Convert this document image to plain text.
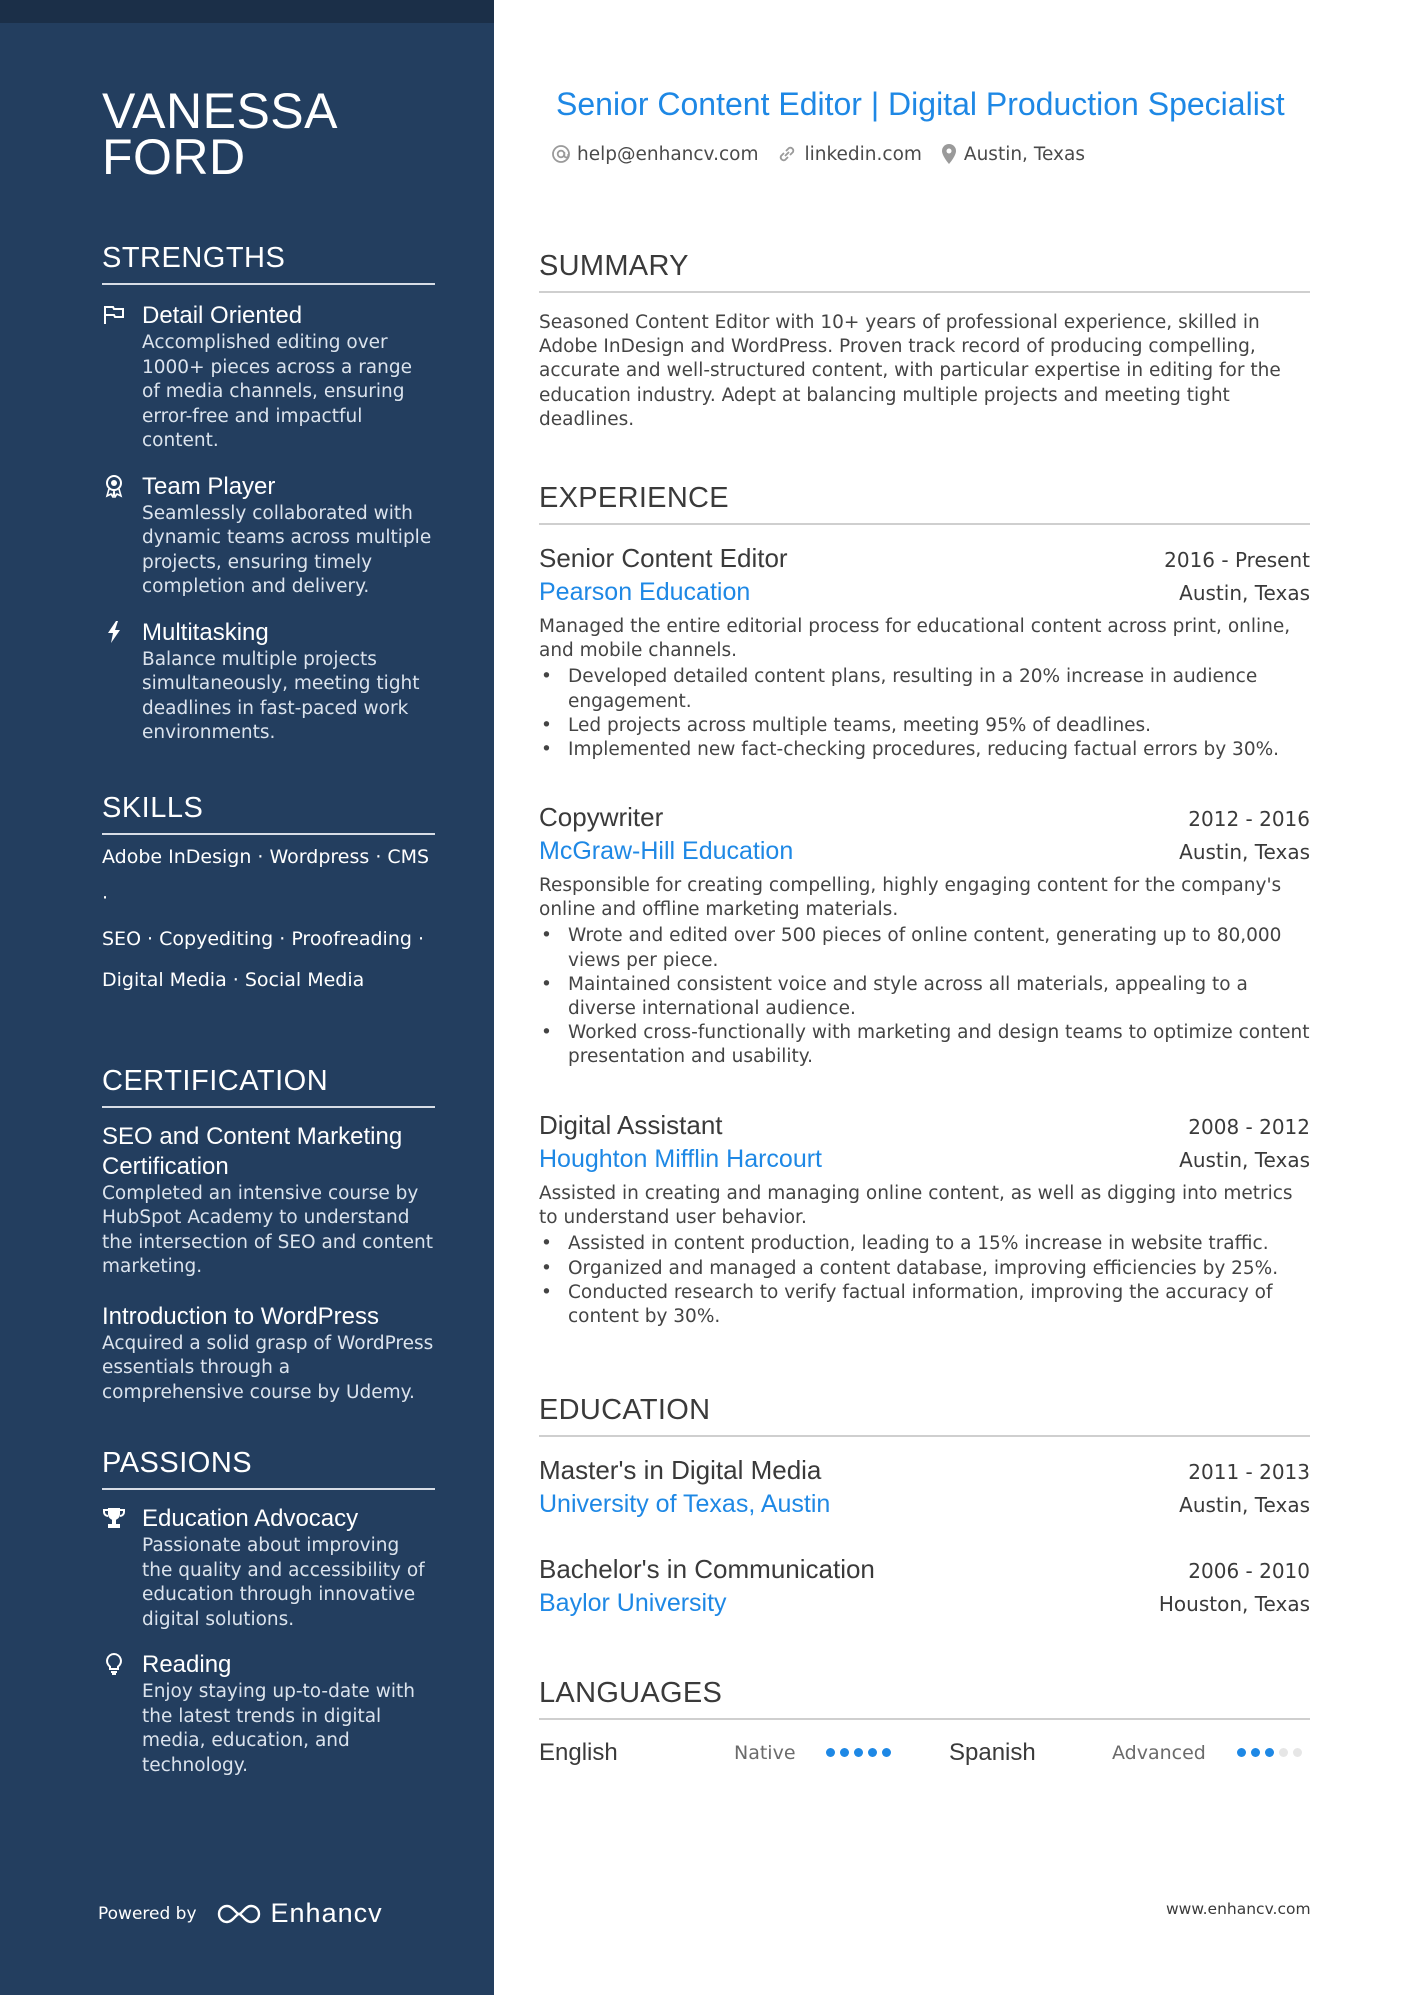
VANESSA
FORD
STRENGTHS
Detail Oriented
Accomplished editing over 1000+ pieces across a range of media channels, ensuring error-free and impactful content.
Team Player
Seamlessly collaborated with dynamic teams across multiple projects, ensuring timely completion and delivery.
Multitasking
Balance multiple projects simultaneously, meeting tight deadlines in fast-paced work environments.
SKILLS
Adobe InDesign · Wordpress · CMS ·
SEO · Copyediting · Proofreading ·
Digital Media · Social Media
CERTIFICATION
SEO and Content Marketing Certification
Completed an intensive course by HubSpot Academy to understand the intersection of SEO and content marketing.
Introduction to WordPress
Acquired a solid grasp of WordPress essentials through a comprehensive course by Udemy.
PASSIONS
Education Advocacy
Passionate about improving the quality and accessibility of education through innovative digital solutions.
Reading
Enjoy staying up-to-date with the latest trends in digital media, education, and technology.
Powered by	Enhancv
Senior Content Editor | Digital Production Specialist
help@enhancv.com linkedin.com Austin, Texas
SUMMARY
Seasoned Content Editor with 10+ years of professional experience, skilled in Adobe InDesign and WordPress. Proven track record of producing compelling, accurate and well-structured content, with particular expertise in editing for the education industry. Adept at balancing multiple projects and meeting tight deadlines.
EXPERIENCE
Senior Content Editor	2016 - Present
Pearson Education	Austin, Texas
Managed the entire editorial process for educational content across print, online, and mobile channels.
• Developed detailed content plans, resulting in a 20% increase in audience engagement.
• Led projects across multiple teams, meeting 95% of deadlines.
• Implemented new fact-checking procedures, reducing factual errors by 30%.
Copywriter	2012 - 2016
McGraw-Hill Education	Austin, Texas
Responsible for creating compelling, highly engaging content for the company's online and offline marketing materials.
• Wrote and edited over 500 pieces of online content, generating up to 80,000 views per piece.
• Maintained consistent voice and style across all materials, appealing to a diverse international audience.
• Worked cross-functionally with marketing and design teams to optimize content presentation and usability.
Digital Assistant	2008 - 2012
Houghton Mifflin Harcourt	Austin, Texas
Assisted in creating and managing online content, as well as digging into metrics to understand user behavior.
• Assisted in content production, leading to a 15% increase in website traffic.
• Organized and managed a content database, improving efficiencies by 25%.
• Conducted research to verify factual information, improving the accuracy of content by 30%.
EDUCATION
Master's in Digital Media	2011 - 2013
University of Texas, Austin	Austin, Texas
Bachelor's in Communication	2006 - 2010
Baylor University	Houston, Texas
LANGUAGES
English	Native	Spanish	Advanced
www.enhancv.com
